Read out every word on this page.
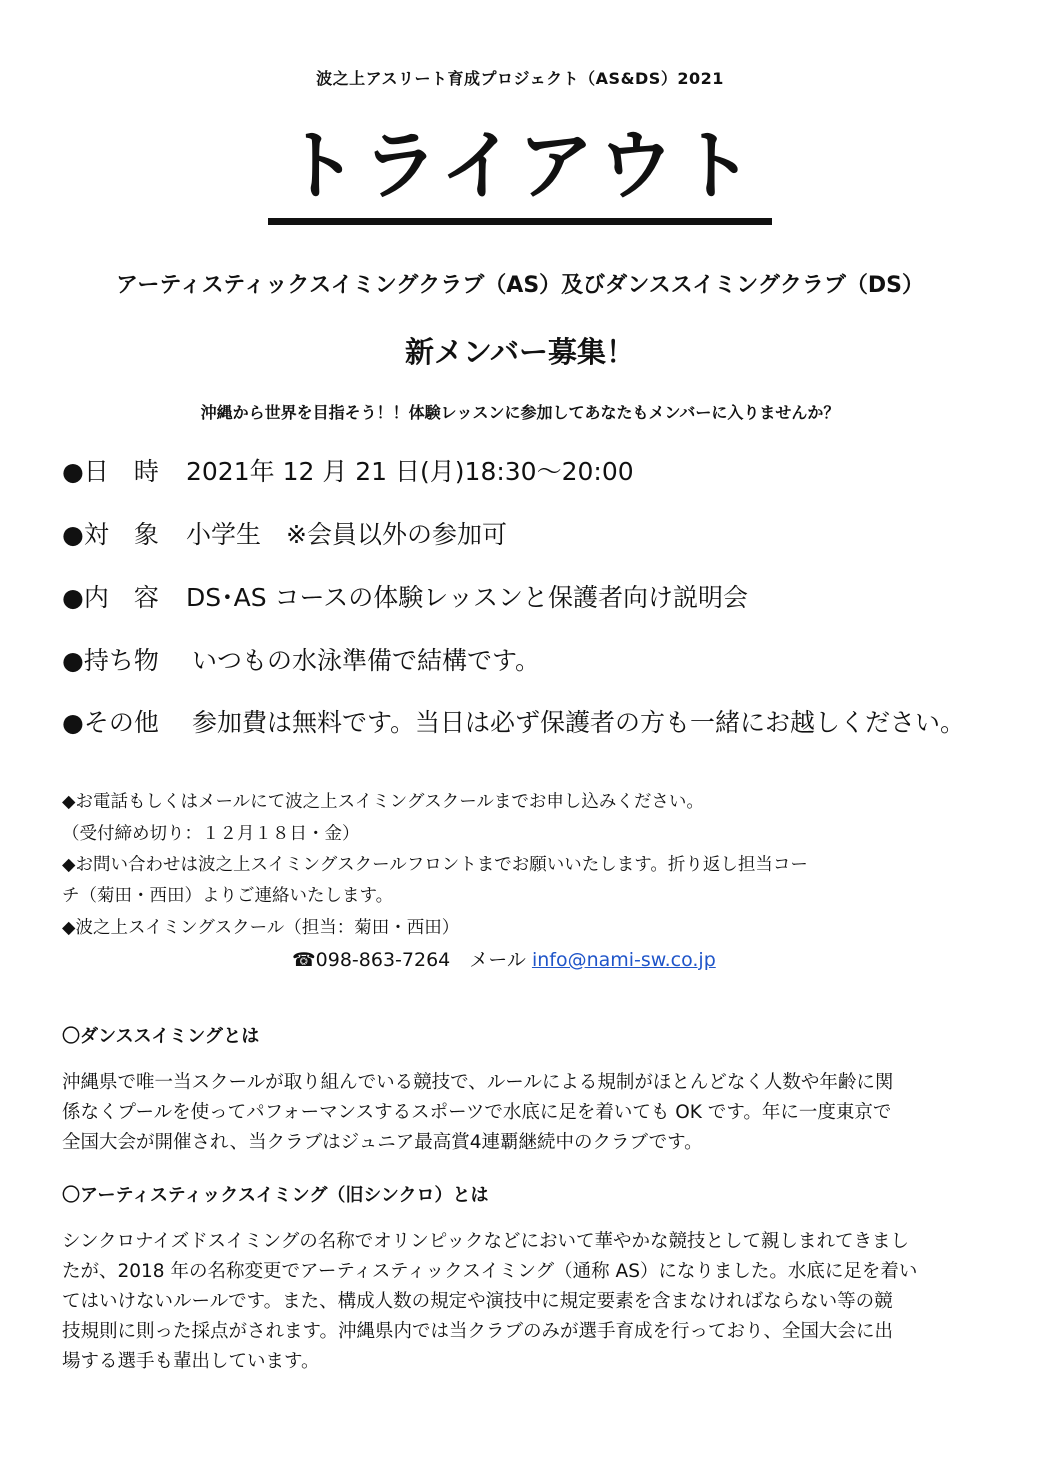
波之上アスリート育成プロジェクト（AS&DS）2021
トライアウト
アーティスティックスイミングクラブ（AS）及びダンススイミングクラブ（DS）
新メンバー募集！
沖縄から世界を目指そう！！体験レッスンに参加してあなたもメンバーに入りませんか？
●日　時 2021年 12 月 21 日(月)18:30～20:00
●対　象 小学生　※会員以外の参加可
●内　容 DS･AS コースの体験レッスンと保護者向け説明会
●持ち物 いつもの水泳準備で結構です。
●その他 参加費は無料です。当日は必ず保護者の方も一緒にお越しください。
◆お電話もしくはメールにて波之上スイミングスクールまでお申し込みください。
（受付締め切り：１２月１８日・金）
◆お問い合わせは波之上スイミングスクールフロントまでお願いいたします。折り返し担当コー
チ（菊田・西田）よりご連絡いたします。
◆波之上スイミングスクール（担当：菊田・西田）
☎098-863-7264　メール info@nami-sw.co.jp
〇ダンススイミングとは
沖縄県で唯一当スクールが取り組んでいる競技で、ルールによる規制がほとんどなく人数や年齢に関
係なくプールを使ってパフォーマンスするスポーツで水底に足を着いても OK です。年に一度東京で
全国大会が開催され、当クラブはジュニア最高賞4連覇継続中のクラブです。
〇アーティスティックスイミング（旧シンクロ）とは
シンクロナイズドスイミングの名称でオリンピックなどにおいて華やかな競技として親しまれてきまし
たが、2018 年の名称変更でアーティスティックスイミング（通称 AS）になりました。水底に足を着い
てはいけないルールです。また、構成人数の規定や演技中に規定要素を含まなければならない等の競
技規則に則った採点がされます。沖縄県内では当クラブのみが選手育成を行っており、全国大会に出
場する選手も輩出しています。
